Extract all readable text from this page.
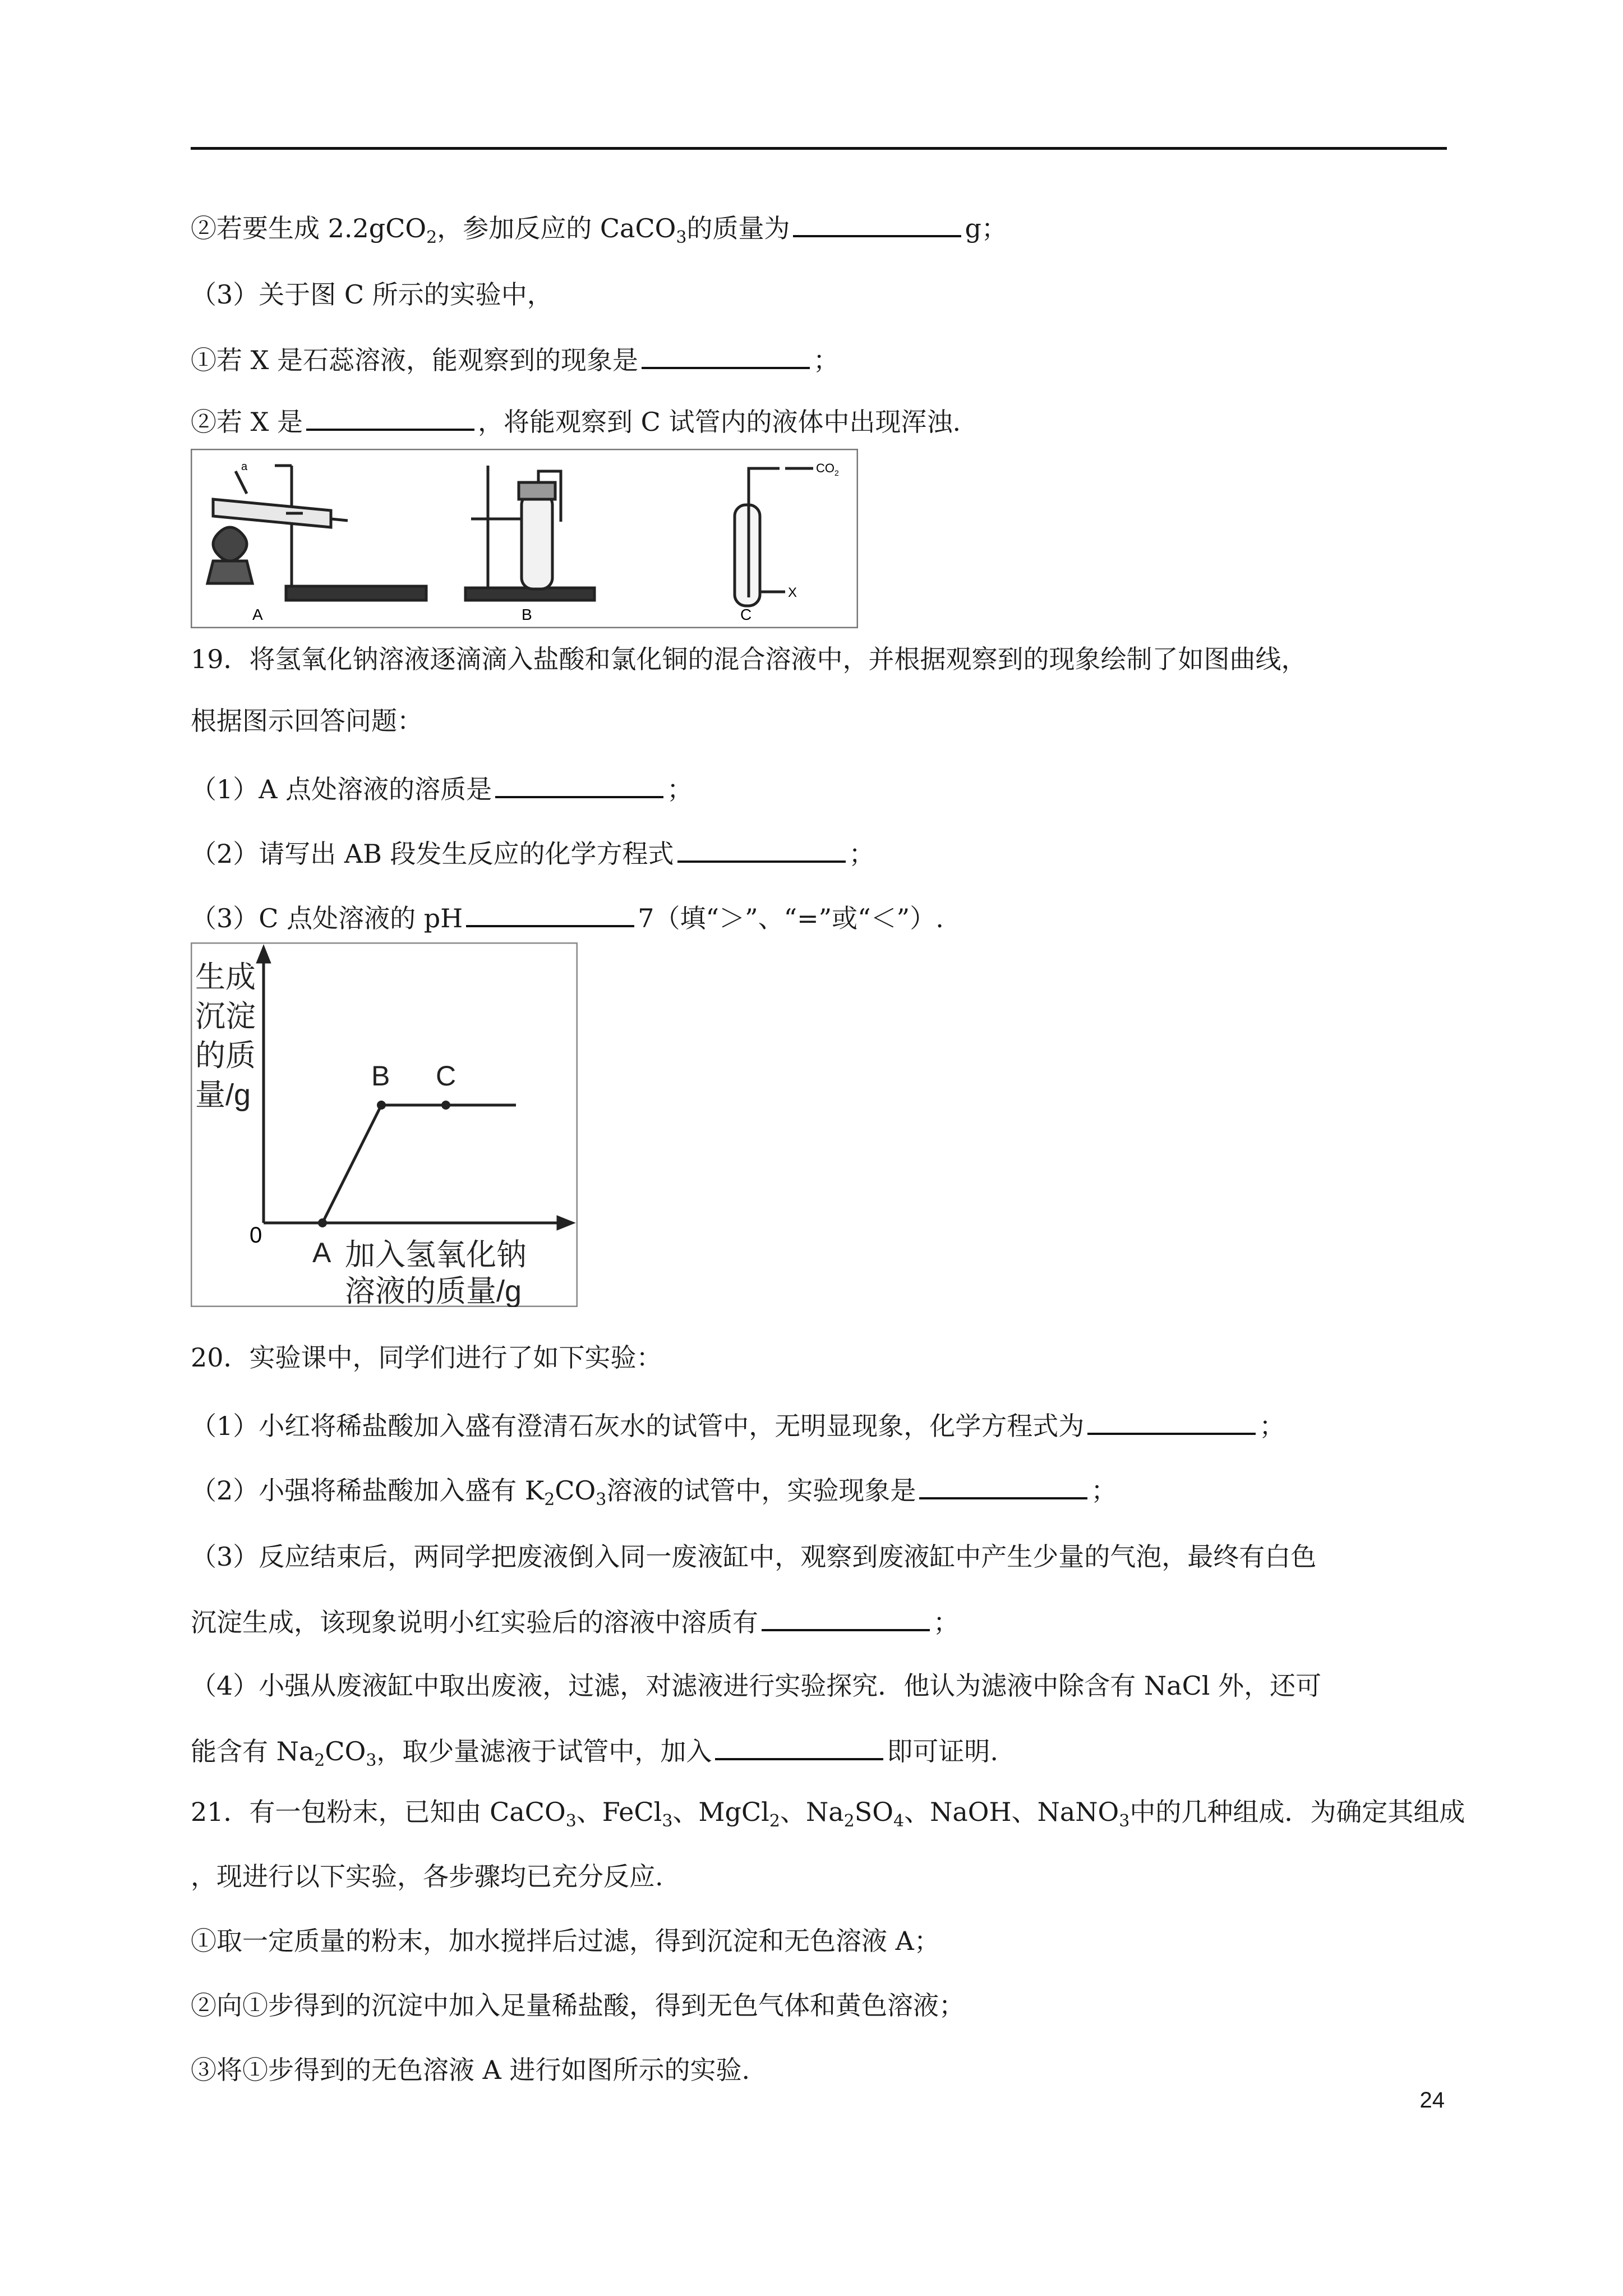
②若要生成 2.2gCO$_2$，参加反应的 CaCO$_3$的质量为	g；
（3）关于图 C 所示的实验中，
①若 X 是石蕊溶液，能观察到的现象是	；
②若 X 是	，将能观察到 C 试管内的液体中出现浑浊.
a
A	B
$CO_2$
X
C
19．将氢氧化钠溶液逐滴滴入盐酸和氯化铜的混合溶液中，并根据观察到的现象绘制了如图曲线，
根据图示回答问题：
（1）A 点处溶液的溶质是	；
（2）请写出 AB 段发生反应的化学方程式	；
（3）C 点处溶液的 pH	7（填“＞”、“=”或“＜”）.
生成
沉淀
的质
量/g
加入氢氧化钠
溶液的质量/g
0
A
B C
20．实验课中，同学们进行了如下实验：
（1）小红将稀盐酸加入盛有澄清石灰水的试管中，无明显现象，化学方程式为	；
（2）小强将稀盐酸加入盛有 $K_2CO_3$溶液的试管中，实验现象是	；
（3）反应结束后，两同学把废液倒入同一废液缸中，观察到废液缸中产生少量的气泡，最终有白色
沉淀生成，该现象说明小红实验后的溶液中溶质有	；
（4）小强从废液缸中取出废液，过滤，对滤液进行实验探究．他认为滤液中除含有 NaCl 外，还可
能含有 $Na_2CO_3$，取少量滤液于试管中，加入	即可证明.
21．有一包粉末，已知由 CaCO$_3$、FeCl$_3$、MgCl$_2$、$Na_2SO_4$、NaOH、NaNO$_3$中的几种组成．为确定其组成
，现进行以下实验，各步骤均已充分反应.
①取一定质量的粉末，加水搅拌后过滤，得到沉淀和无色溶液 A；
②向①步得到的沉淀中加入足量稀盐酸，得到无色气体和黄色溶液；
③将①步得到的无色溶液 A 进行如图所示的实验.
24
